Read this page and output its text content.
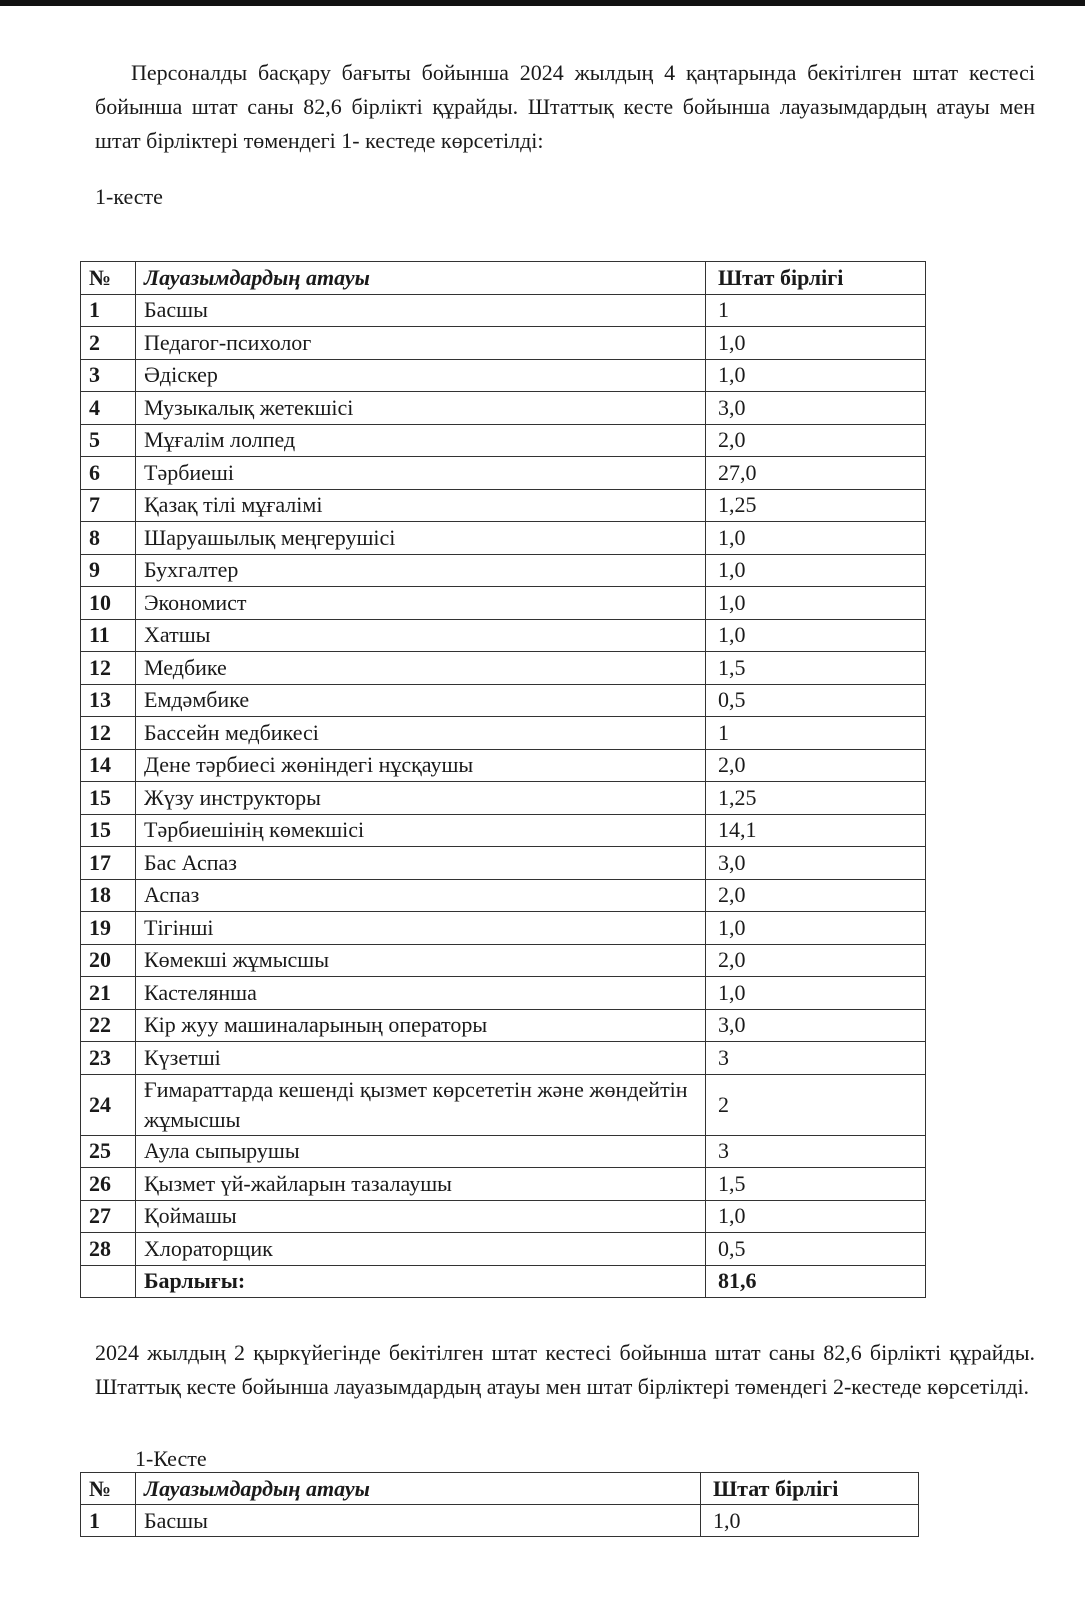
Персоналды басқару бағыты бойынша 2024 жылдың 4 қаңтарында бекітілген штат кестесі бойынша штат саны 82,6 бірлікті құрайды. Штаттық кесте бойынша лауазымдардың атауы мен штат бірліктері төмендегі 1- кестеде көрсетілді:

1-кесте
№	Лауазымдардың атауы	Штат бірлігі
1	Басшы	1
2	Педагог-психолог	1,0
3	Әдіскер	1,0
4	Музыкалық жетекшісі	3,0
5	Мұғалім лолпед	2,0
6	Тәрбиеші	27,0
7	Қазақ тілі мұғалімі	1,25
8	Шаруашылық меңгерушісі	1,0
9	Бухгалтер	1,0
10	Экономист	1,0
11	Хатшы	1,0
12	Медбике	1,5
13	Емдәмбике	0,5
12	Бассейн медбикесі	1
14	Дене тәрбиесі жөніндегі нұсқаушы	2,0
15	Жүзу инструкторы	1,25
15	Тәрбиешінің көмекшісі	14,1
17	Бас Аспаз	3,0
18	Аспаз	2,0
19	Тігінші	1,0
20	Көмекші жұмысшы	2,0
21	Кастелянша	1,0
22	Кір жуу машиналарының операторы	3,0
23	Күзетші	3
24	Ғимараттарда кешенді қызмет көрсететін және жөндейтін жұмысшы	2
25	Аула сыпырушы	3
26	Қызмет үй-жайларын тазалаушы	1,5
27	Қоймашы	1,0
28	Хлораторщик	0,5
	Барлығы:	81,6

2024 жылдың 2 қыркүйегінде бекітілген штат кестесі бойынша штат саны 82,6 бірлікті құрайды. Штаттық кесте бойынша лауазымдардың атауы мен штат бірліктері төмендегі 2-кестеде көрсетілді.

1-Кесте
№	Лауазымдардың атауы	Штат бірлігі
1	Басшы	1,0
